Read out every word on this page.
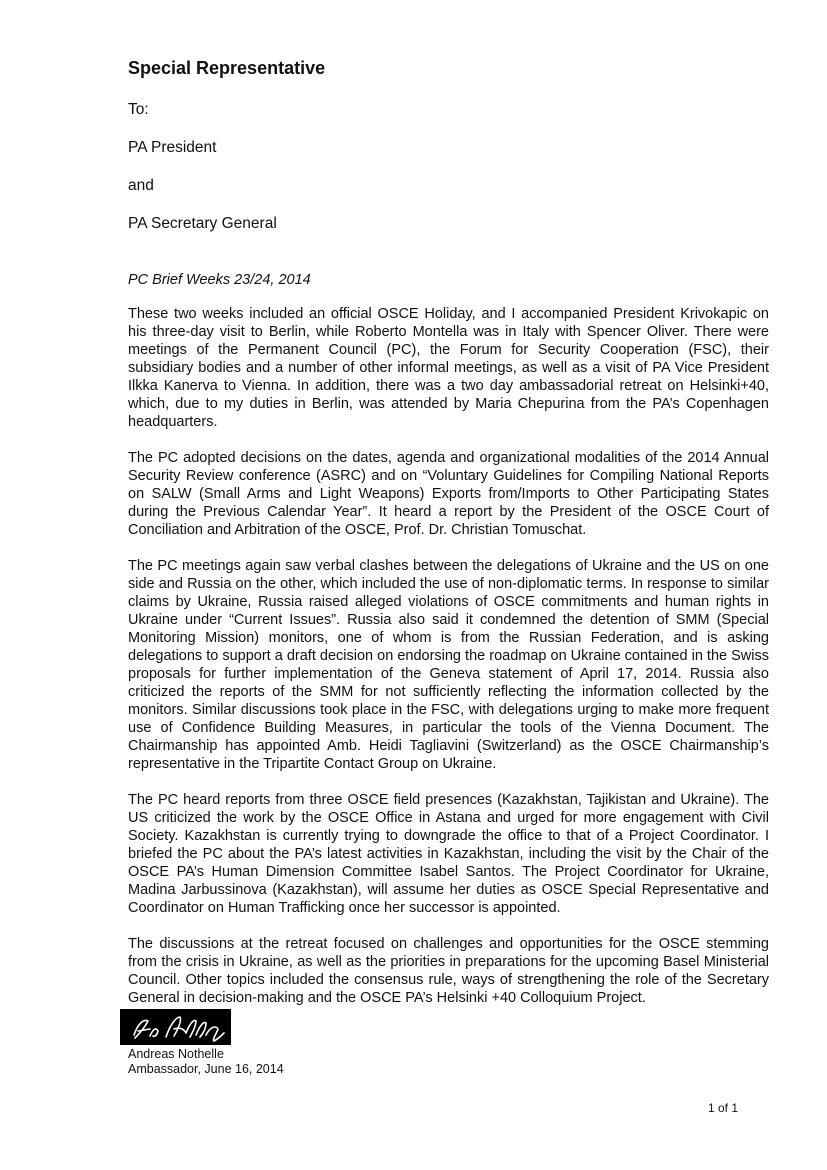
Special Representative

To:

PA President

and

PA Secretary General

PC Brief Weeks 23/24, 2014

These two weeks included an official OSCE Holiday, and I accompanied President Krivokapic on his three-day visit to Berlin, while Roberto Montella was in Italy with Spencer Oliver. There were meetings of the Permanent Council (PC), the Forum for Security Cooperation (FSC), their subsidiary bodies and a number of other informal meetings, as well as a visit of PA Vice President Ilkka Kanerva to Vienna. In addition, there was a two day ambassadorial retreat on Helsinki+40, which, due to my duties in Berlin, was attended by Maria Chepurina from the PA’s Copenhagen headquarters.

The PC adopted decisions on the dates, agenda and organizational modalities of the 2014 Annual Security Review conference (ASRC) and on “Voluntary Guidelines for Compiling National Reports on SALW (Small Arms and Light Weapons) Exports from/Imports to Other Participating States during the Previous Calendar Year”. It heard a report by the President of the OSCE Court of Conciliation and Arbitration of the OSCE, Prof. Dr. Christian Tomuschat.

The PC meetings again saw verbal clashes between the delegations of Ukraine and the US on one side and Russia on the other, which included the use of non-diplomatic terms. In response to similar claims by Ukraine, Russia raised alleged violations of OSCE commitments and human rights in Ukraine under “Current Issues”. Russia also said it condemned the detention of SMM (Special Monitoring Mission) monitors, one of whom is from the Russian Federation, and is asking delegations to support a draft decision on endorsing the roadmap on Ukraine contained in the Swiss proposals for further implementation of the Geneva statement of April 17, 2014. Russia also criticized the reports of the SMM for not sufficiently reflecting the information collected by the monitors. Similar discussions took place in the FSC, with delegations urging to make more frequent use of Confidence Building Measures, in particular the tools of the Vienna Document. The Chairmanship has appointed Amb. Heidi Tagliavini (Switzerland) as the OSCE Chairmanship’s representative in the Tripartite Contact Group on Ukraine.

The PC heard reports from three OSCE field presences (Kazakhstan, Tajikistan and Ukraine). The US criticized the work by the OSCE Office in Astana and urged for more engagement with Civil Society. Kazakhstan is currently trying to downgrade the office to that of a Project Coordinator. I briefed the PC about the PA’s latest activities in Kazakhstan, including the visit by the Chair of the OSCE PA’s Human Dimension Committee Isabel Santos. The Project Coordinator for Ukraine, Madina Jarbussinova (Kazakhstan), will assume her duties as OSCE Special Representative and Coordinator on Human Trafficking once her successor is appointed.

The discussions at the retreat focused on challenges and opportunities for the OSCE stemming from the crisis in Ukraine, as well as the priorities in preparations for the upcoming Basel Ministerial Council. Other topics included the consensus rule, ways of strengthening the role of the Secretary General in decision-making and the OSCE PA’s Helsinki +40 Colloquium Project.

Andreas Nothelle

Ambassador, June 16, 2014

1 of 1
